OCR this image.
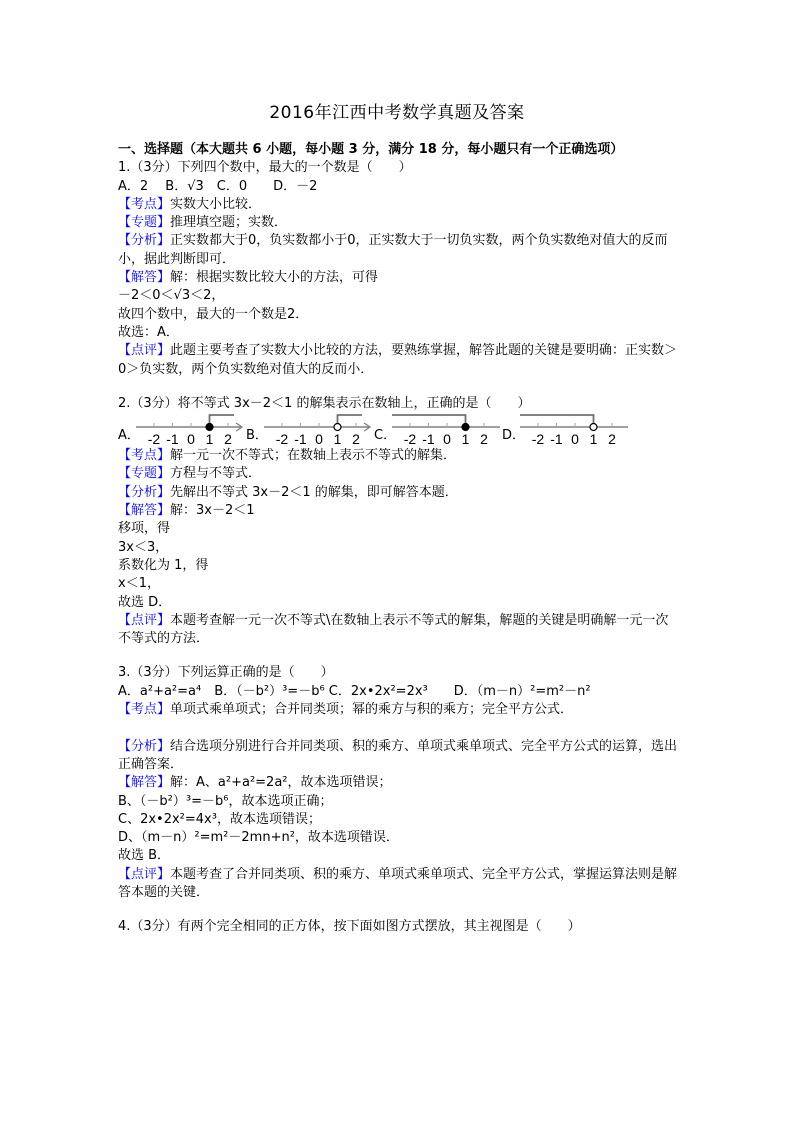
2016年江西中考数学真题及答案
一、选择题（本大题共 6 小题，每小题 3 分，满分 18 分，每小题只有一个正确选项）
1.（3分）下列四个数中，最大的一个数是（　　）
A．2　 B．√3　C．0　　D．－2
【考点】实数大小比较．
【专题】推理填空题；实数．
【分析】正实数都大于0，负实数都小于0，正实数大于一切负实数，两个负实数绝对值大的反而小，据此判断即可．
【解答】解：根据实数比较大小的方法，可得
－2＜0＜√3＜2，
故四个数中，最大的一个数是2．
故选：A．
【点评】此题主要考查了实数大小比较的方法，要熟练掌握，解答此题的关键是要明确：正实数＞0＞负实数，两个负实数绝对值大的反而小．
2.（3分）将不等式 3x－2＜1 的解集表示在数轴上，正确的是（　　）
A． -2 -1 0 1 2 B． -2 -1 0 1 2 C． -2 -1 0 1 2 D． -2 -1 0 1 2
【考点】解一元一次不等式；在数轴上表示不等式的解集．
【专题】方程与不等式．
【分析】先解出不等式 3x－2＜1 的解集，即可解答本题．
【解答】解：3x－2＜1
移项，得
3x＜3，
系数化为 1，得
x＜1，
故选 D．
【点评】本题考查解一元一次不等式\在数轴上表示不等式的解集，解题的关键是明确解一元一次不等式的方法．
3.（3分）下列运算正确的是（　　）
A．a²+a²=a⁴　B．（－b²）³=－b⁶ C．2x•2x²=2x³　　D．（m－n）²=m²－n²
【考点】单项式乘单项式；合并同类项；幂的乘方与积的乘方；完全平方公式．
【分析】结合选项分别进行合并同类项、积的乘方、单项式乘单项式、完全平方公式的运算，选出正确答案．
【解答】解：A、a²+a²=2a²，故本选项错误；
B、（－b²）³=－b⁶，故本选项正确；
C、2x•2x²=4x³，故本选项错误；
D、（m－n）²=m²－2mn+n²，故本选项错误．
故选 B．
【点评】本题考查了合并同类项、积的乘方、单项式乘单项式、完全平方公式，掌握运算法则是解答本题的关键．
4.（3分）有两个完全相同的正方体，按下面如图方式摆放，其主视图是（　　）
